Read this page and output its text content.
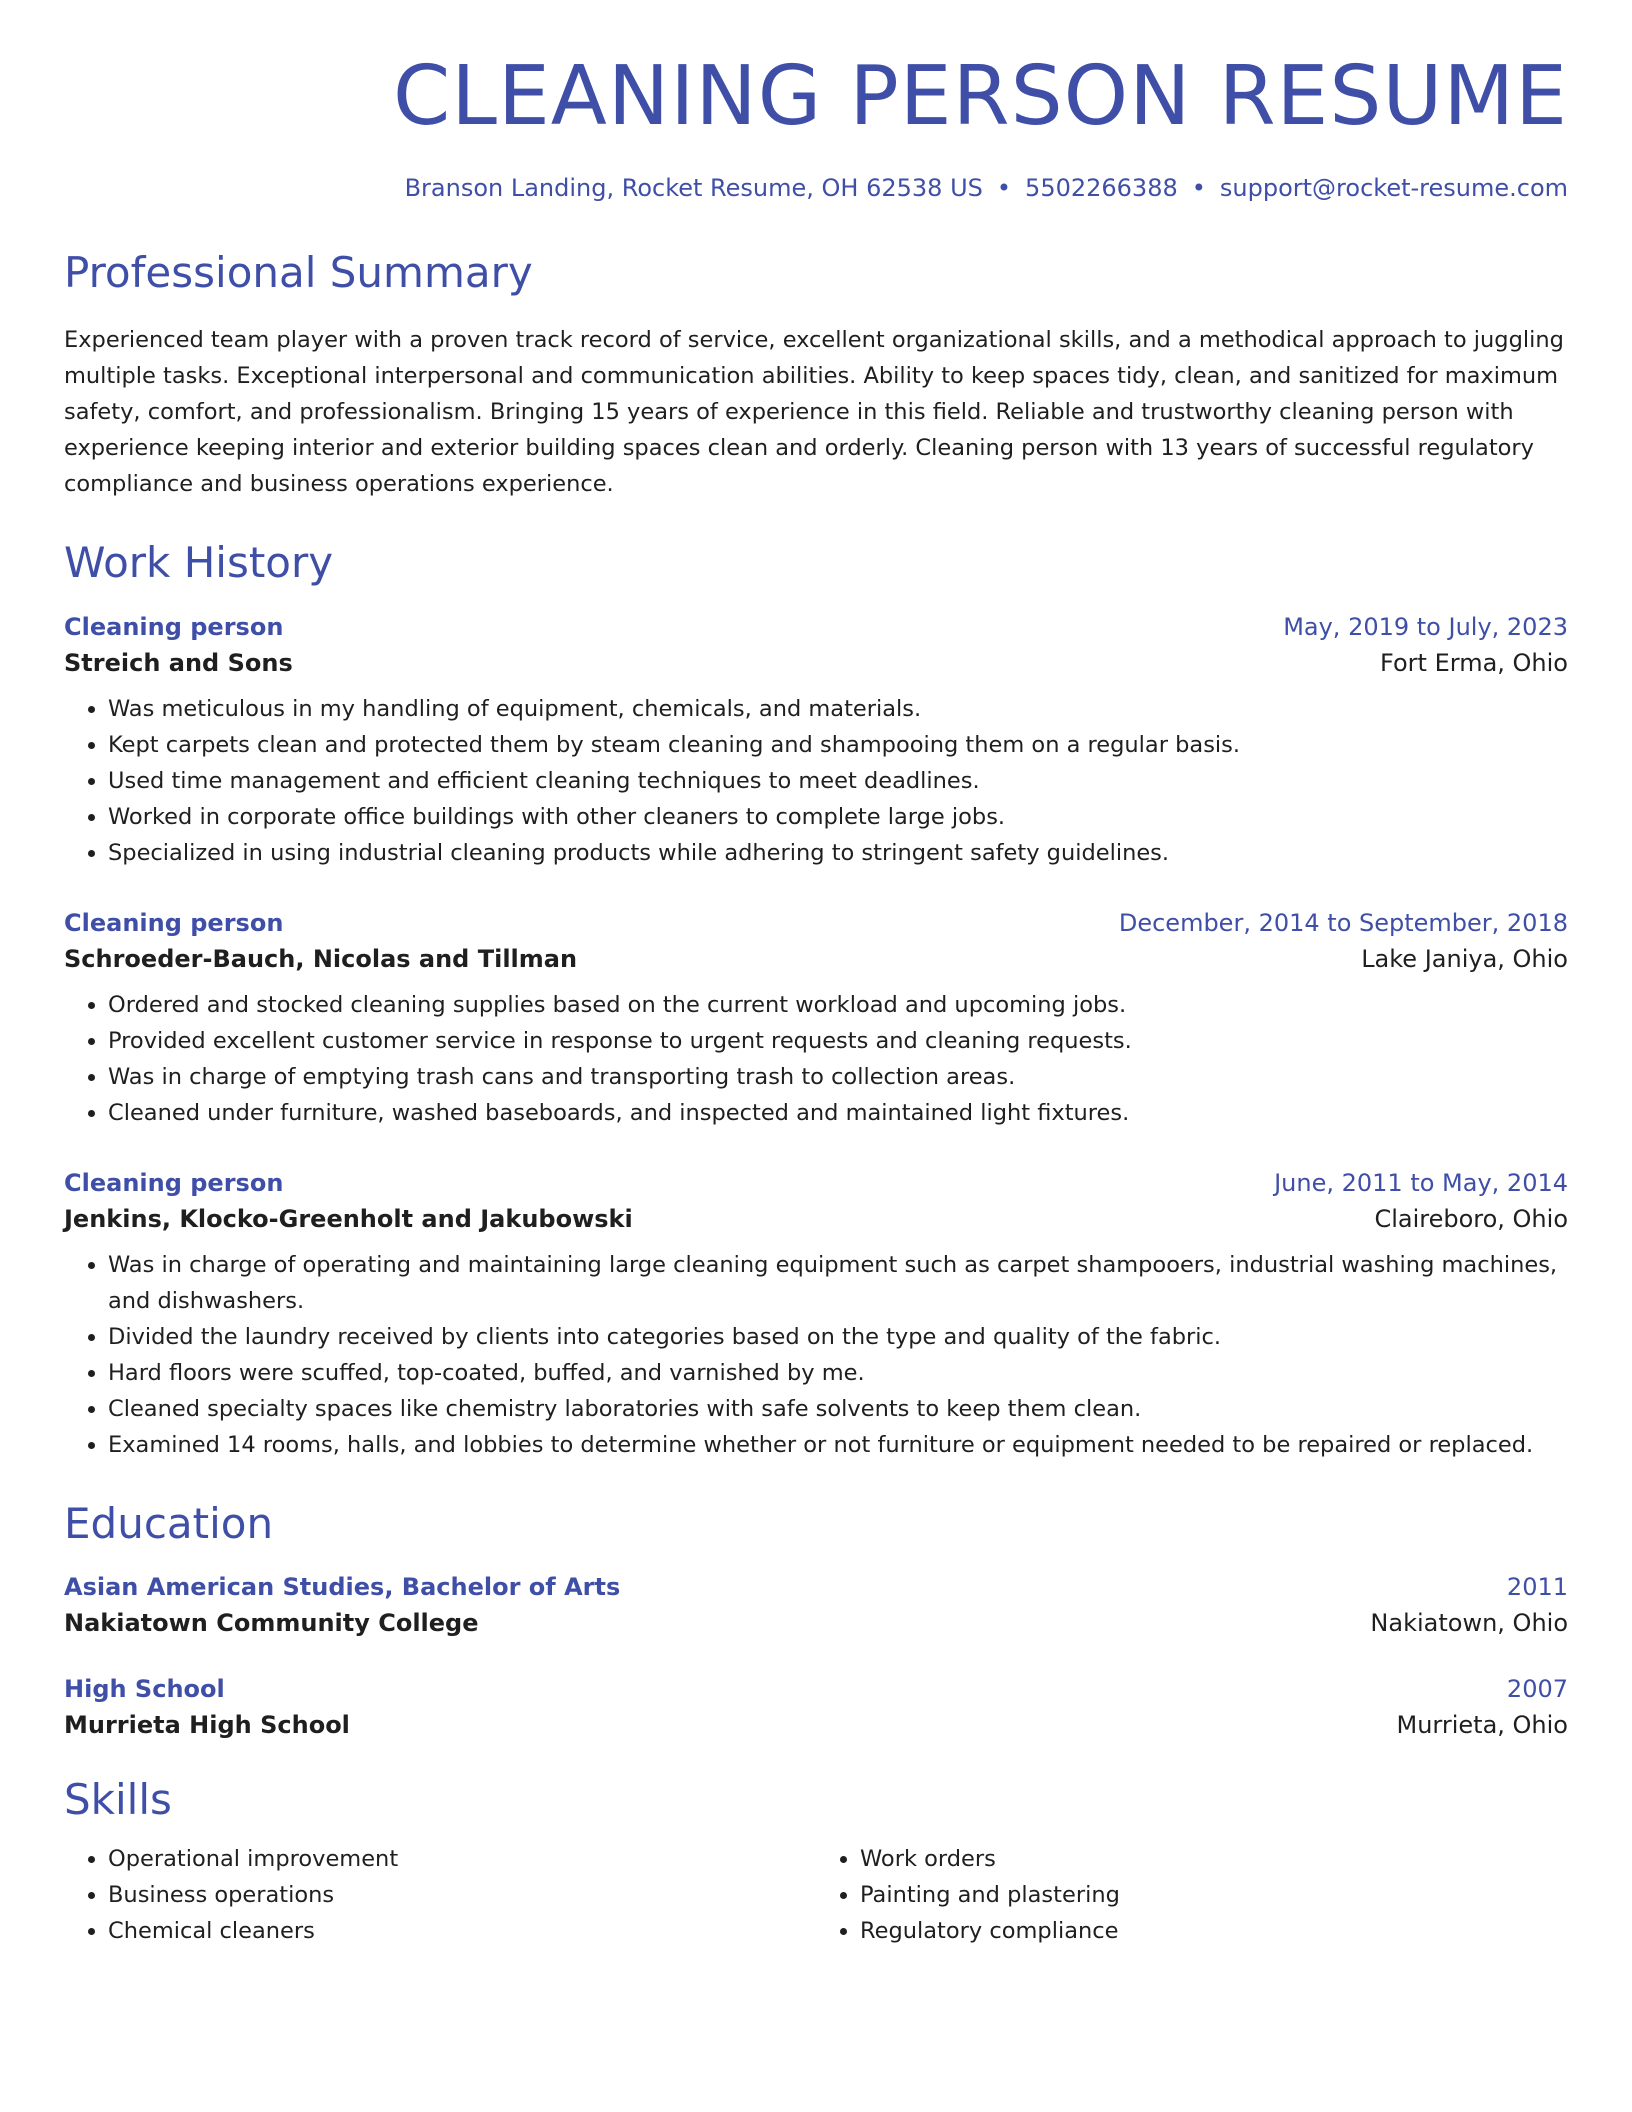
CLEANING PERSON RESUME
Branson Landing, Rocket Resume, OH 62538 US • 5502266388 • support@rocket-resume.com
Professional Summary
Experienced team player with a proven track record of service, excellent organizational skills, and a methodical approach to juggling multiple tasks. Exceptional interpersonal and communication abilities. Ability to keep spaces tidy, clean, and sanitized for maximum safety, comfort, and professionalism. Bringing 15 years of experience in this field. Reliable and trustworthy cleaning person with experience keeping interior and exterior building spaces clean and orderly. Cleaning person with 13 years of successful regulatory compliance and business operations experience.
Work History
Cleaning person	May, 2019 to July, 2023
Streich and Sons	Fort Erma, Ohio
• Was meticulous in my handling of equipment, chemicals, and materials.
• Kept carpets clean and protected them by steam cleaning and shampooing them on a regular basis.
• Used time management and efficient cleaning techniques to meet deadlines.
• Worked in corporate office buildings with other cleaners to complete large jobs.
• Specialized in using industrial cleaning products while adhering to stringent safety guidelines.
Cleaning person	December, 2014 to September, 2018
Schroeder-Bauch, Nicolas and Tillman	Lake Janiya, Ohio
• Ordered and stocked cleaning supplies based on the current workload and upcoming jobs.
• Provided excellent customer service in response to urgent requests and cleaning requests.
• Was in charge of emptying trash cans and transporting trash to collection areas.
• Cleaned under furniture, washed baseboards, and inspected and maintained light fixtures.
Cleaning person	June, 2011 to May, 2014
Jenkins, Klocko-Greenholt and Jakubowski	Claireboro, Ohio
• Was in charge of operating and maintaining large cleaning equipment such as carpet shampooers, industrial washing machines, and dishwashers.
• Divided the laundry received by clients into categories based on the type and quality of the fabric.
• Hard floors were scuffed, top-coated, buffed, and varnished by me.
• Cleaned specialty spaces like chemistry laboratories with safe solvents to keep them clean.
• Examined 14 rooms, halls, and lobbies to determine whether or not furniture or equipment needed to be repaired or replaced.
Education
Asian American Studies, Bachelor of Arts	2011
Nakiatown Community College	Nakiatown, Ohio
High School	2007
Murrieta High School	Murrieta, Ohio
Skills
• Operational improvement
• Business operations
• Chemical cleaners
• Work orders
• Painting and plastering
• Regulatory compliance
